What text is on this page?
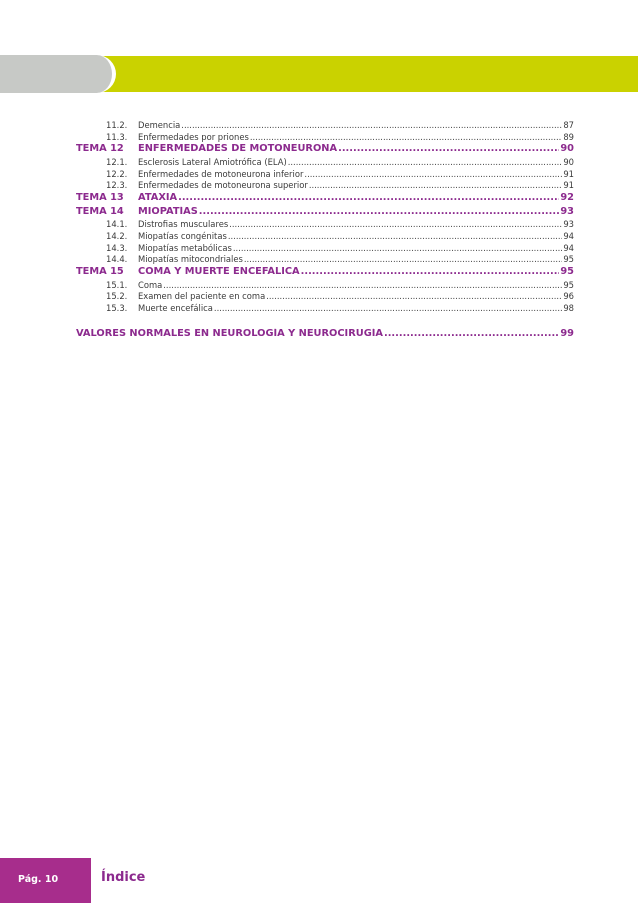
11.2.	Demencia .....	87
11.3.	Enfermedades por priones .....	89
TEMA 12	ENFERMEDADES DE MOTONEURONA .....	90
12.1.	Esclerosis Lateral Amiotrófica (ELA) .....	90
12.2.	Enfermedades de motoneurona inferior .....	91
12.3.	Enfermedades de motoneurona superior .....	91
TEMA 13	ATAXIA .....	92
TEMA 14	MIOPATÍAS .....	93
14.1.	Distrofias musculares .....	93
14.2.	Miopatías congénitas .....	94
14.3.	Miopatías metabólicas .....	94
14.4.	Miopatías mitocondriales .....	95
TEMA 15	COMA Y MUERTE ENCEFÁLICA .....	95
15.1.	Coma .....	95
15.2.	Examen del paciente en coma .....	96
15.3.	Muerte encefálica .....	98
VALORES NORMALES EN NEUROLOGÍA Y NEUROCIRUGÍA .....	99
Pág. 10	Índice
